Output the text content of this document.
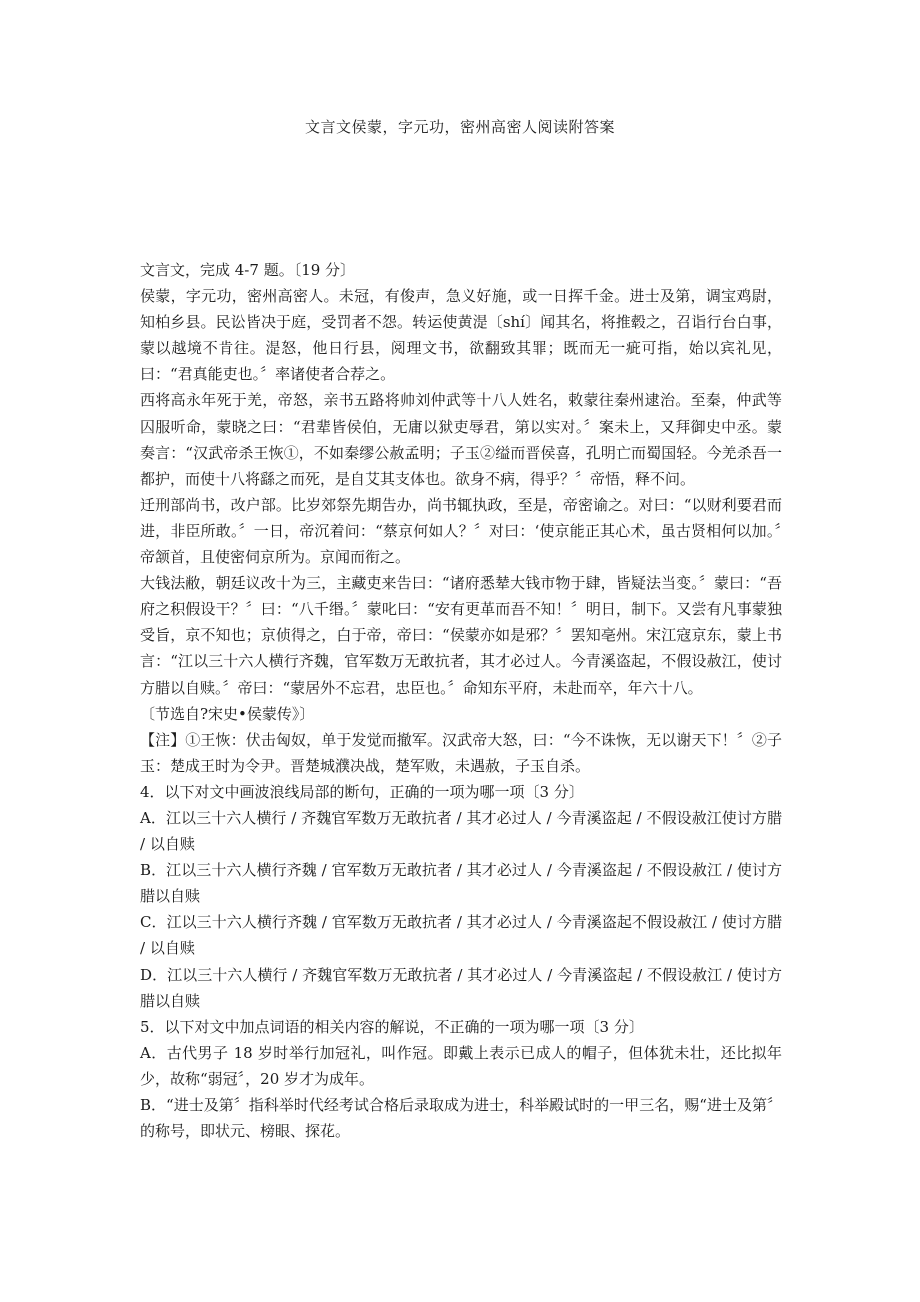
文言文侯蒙，字元功，密州高密人阅读附答案

文言文，完成 4-7 题。〔19 分〕

侯蒙，字元功，密州高密人。未冠，有俊声，急义好施，或一日挥千金。进士及第，调宝鸡尉，知柏乡县。民讼皆决于庭，受罚者不怨。转运使黄湜〔shí〕闻其名，将推毂之，召诣行台白事，蒙以越境不肯往。湜怒，他日行县，阅理文书，欲翻致其罪；既而无一疵可指，始以宾礼见，曰：“君真能吏也。〞率诸使者合荐之。

西将高永年死于羌，帝怒，亲书五路将帅刘仲武等十八人姓名，敕蒙往秦州逮治。至秦，仲武等囚服听命，蒙晓之曰：“君辈皆侯伯，无庸以狱吏辱君，第以实对。〞案未上，又拜御史中丞。蒙奏言：“汉武帝杀王恢①，不如秦缪公赦孟明；子玉②缢而晋侯喜，孔明亡而蜀国轻。今羌杀吾一都护，而使十八将繇之而死，是自艾其支体也。欲身不病，得乎？〞帝悟，释不问。

迁刑部尚书，改户部。比岁郊祭先期告办，尚书辄执政，至是，帝密谕之。对曰：“以财利要君而进，非臣所敢。〞一日，帝沉着问：“蔡京何如人？〞对曰：‘使京能正其心术，虽古贤相何以加。〞帝颔首，且使密伺京所为。京闻而衔之。

大钱法敝，朝廷议改十为三，主藏吏来告曰：“诸府悉辇大钱市物于肆，皆疑法当变。〞蒙曰：“吾府之积假设干？〞曰：“八千缗。〞蒙叱曰：“安有更革而吾不知！〞明日，制下。又尝有凡事蒙独受旨，京不知也；京侦得之，白于帝，帝曰：“侯蒙亦如是邪？〞罢知亳州。宋江寇京东，蒙上书言：“江以三十六人横行齐魏，官军数万无敢抗者，其才必过人。今青溪盗起，不假设赦江，使讨方腊以自赎。〞帝曰：“蒙居外不忘君，忠臣也。〞命知东平府，未赴而卒，年六十八。

〔节选自?宋史•侯蒙传》〕

【注】①王恢：伏击匈奴，单于发觉而撤军。汉武帝大怒，曰：“今不诛恢，无以谢天下！〞②子玉：楚成王时为令尹。晋楚城濮决战，楚军败，未遇赦，子玉自杀。

4．以下对文中画波浪线局部的断句，正确的一项为哪一项〔3 分〕

A．江以三十六人横行 / 齐魏官军数万无敢抗者 / 其才必过人 / 今青溪盗起 / 不假设赦江使讨方腊 / 以自赎

B．江以三十六人横行齐魏 / 官军数万无敢抗者 / 其才必过人 / 今青溪盗起 / 不假设赦江 / 使讨方腊以自赎

C．江以三十六人横行齐魏 / 官军数万无敢抗者 / 其才必过人 / 今青溪盗起不假设赦江 / 使讨方腊 / 以自赎

D．江以三十六人横行 / 齐魏官军数万无敢抗者 / 其才必过人 / 今青溪盗起 / 不假设赦江 / 使讨方腊以自赎

5．以下对文中加点词语的相关内容的解说，不正确的一项为哪一项〔3 分〕

A．古代男子 18 岁时举行加冠礼，叫作冠。即戴上表示已成人的帽子，但体犹未壮，还比拟年少，故称“弱冠〞，20 岁才为成年。

B．“进士及第〞指科举时代经考试合格后录取成为进士，科举殿试时的一甲三名，赐“进士及第〞的称号，即状元、榜眼、探花。
